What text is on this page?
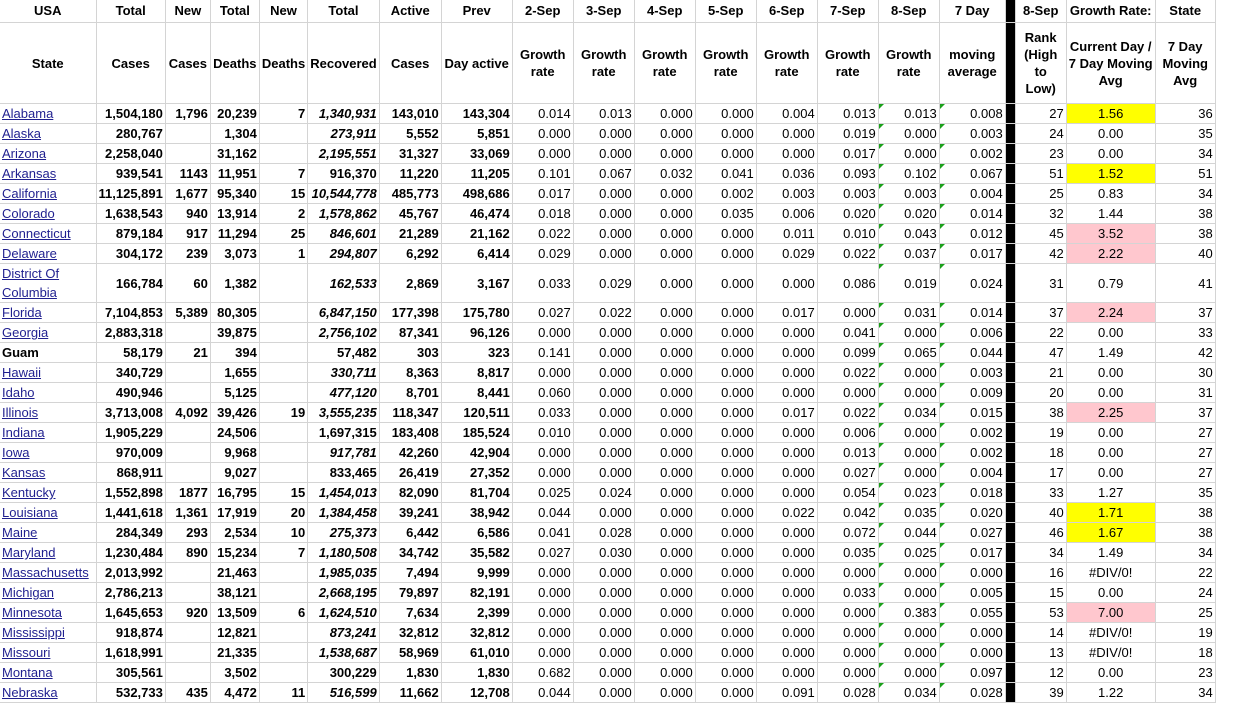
USA	Total	New	Total	New	Total	Active	Prev	2-Sep	3-Sep	4-Sep	5-Sep	6-Sep	7-Sep	8-Sep	7 Day		8-Sep	Growth Rate:	State
State	Cases	Cases	Deaths	Deaths	Recovered	Cases	Day active	Growth rate	Growth rate	Growth rate	Growth rate	Growth rate	Growth rate	Growth rate	moving average		Rank (High to Low)	Current Day / 7 Day Moving Avg	7 Day Moving Avg
Alabama	1,504,180	1,796	20,239	7	1,340,931	143,010	143,304	0.014	0.013	0.000	0.000	0.004	0.013	0.013	0.008		27	1.56	36
Alaska	280,767		1,304		273,911	5,552	5,851	0.000	0.000	0.000	0.000	0.000	0.019	0.000	0.003		24	0.00	35
Arizona	2,258,040		31,162		2,195,551	31,327	33,069	0.000	0.000	0.000	0.000	0.000	0.017	0.000	0.002		23	0.00	34
Arkansas	939,541	1143	11,951	7	916,370	11,220	11,205	0.101	0.067	0.032	0.041	0.036	0.093	0.102	0.067		51	1.52	51
California	11,125,891	1,677	95,340	15	10,544,778	485,773	498,686	0.017	0.000	0.000	0.002	0.003	0.003	0.003	0.004		25	0.83	34
Colorado	1,638,543	940	13,914	2	1,578,862	45,767	46,474	0.018	0.000	0.000	0.035	0.006	0.020	0.020	0.014		32	1.44	38
Connecticut	879,184	917	11,294	25	846,601	21,289	21,162	0.022	0.000	0.000	0.000	0.011	0.010	0.043	0.012		45	3.52	38
Delaware	304,172	239	3,073	1	294,807	6,292	6,414	0.029	0.000	0.000	0.000	0.029	0.022	0.037	0.017		42	2.22	40
District Of Columbia	166,784	60	1,382		162,533	2,869	3,167	0.033	0.029	0.000	0.000	0.000	0.086	0.019	0.024		31	0.79	41
Florida	7,104,853	5,389	80,305		6,847,150	177,398	175,780	0.027	0.022	0.000	0.000	0.017	0.000	0.031	0.014		37	2.24	37
Georgia	2,883,318		39,875		2,756,102	87,341	96,126	0.000	0.000	0.000	0.000	0.000	0.041	0.000	0.006		22	0.00	33
Guam	58,179	21	394		57,482	303	323	0.141	0.000	0.000	0.000	0.000	0.099	0.065	0.044		47	1.49	42
Hawaii	340,729		1,655		330,711	8,363	8,817	0.000	0.000	0.000	0.000	0.000	0.022	0.000	0.003		21	0.00	30
Idaho	490,946		5,125		477,120	8,701	8,441	0.060	0.000	0.000	0.000	0.000	0.000	0.000	0.009		20	0.00	31
Illinois	3,713,008	4,092	39,426	19	3,555,235	118,347	120,511	0.033	0.000	0.000	0.000	0.017	0.022	0.034	0.015		38	2.25	37
Indiana	1,905,229		24,506		1,697,315	183,408	185,524	0.010	0.000	0.000	0.000	0.000	0.006	0.000	0.002		19	0.00	27
Iowa	970,009		9,968		917,781	42,260	42,904	0.000	0.000	0.000	0.000	0.000	0.013	0.000	0.002		18	0.00	27
Kansas	868,911		9,027		833,465	26,419	27,352	0.000	0.000	0.000	0.000	0.000	0.027	0.000	0.004		17	0.00	27
Kentucky	1,552,898	1877	16,795	15	1,454,013	82,090	81,704	0.025	0.024	0.000	0.000	0.000	0.054	0.023	0.018		33	1.27	35
Louisiana	1,441,618	1,361	17,919	20	1,384,458	39,241	38,942	0.044	0.000	0.000	0.000	0.022	0.042	0.035	0.020		40	1.71	38
Maine	284,349	293	2,534	10	275,373	6,442	6,586	0.041	0.028	0.000	0.000	0.000	0.072	0.044	0.027		46	1.67	38
Maryland	1,230,484	890	15,234	7	1,180,508	34,742	35,582	0.027	0.030	0.000	0.000	0.000	0.035	0.025	0.017		34	1.49	34
Massachusetts	2,013,992		21,463		1,985,035	7,494	9,999	0.000	0.000	0.000	0.000	0.000	0.000	0.000	0.000		16	#DIV/0!	22
Michigan	2,786,213		38,121		2,668,195	79,897	82,191	0.000	0.000	0.000	0.000	0.000	0.033	0.000	0.005		15	0.00	24
Minnesota	1,645,653	920	13,509	6	1,624,510	7,634	2,399	0.000	0.000	0.000	0.000	0.000	0.000	0.383	0.055		53	7.00	25
Mississippi	918,874		12,821		873,241	32,812	32,812	0.000	0.000	0.000	0.000	0.000	0.000	0.000	0.000		14	#DIV/0!	19
Missouri	1,618,991		21,335		1,538,687	58,969	61,010	0.000	0.000	0.000	0.000	0.000	0.000	0.000	0.000		13	#DIV/0!	18
Montana	305,561		3,502		300,229	1,830	1,830	0.682	0.000	0.000	0.000	0.000	0.000	0.000	0.097		12	0.00	23
Nebraska	532,733	435	4,472	11	516,599	11,662	12,708	0.044	0.000	0.000	0.000	0.091	0.028	0.034	0.028		39	1.22	34
